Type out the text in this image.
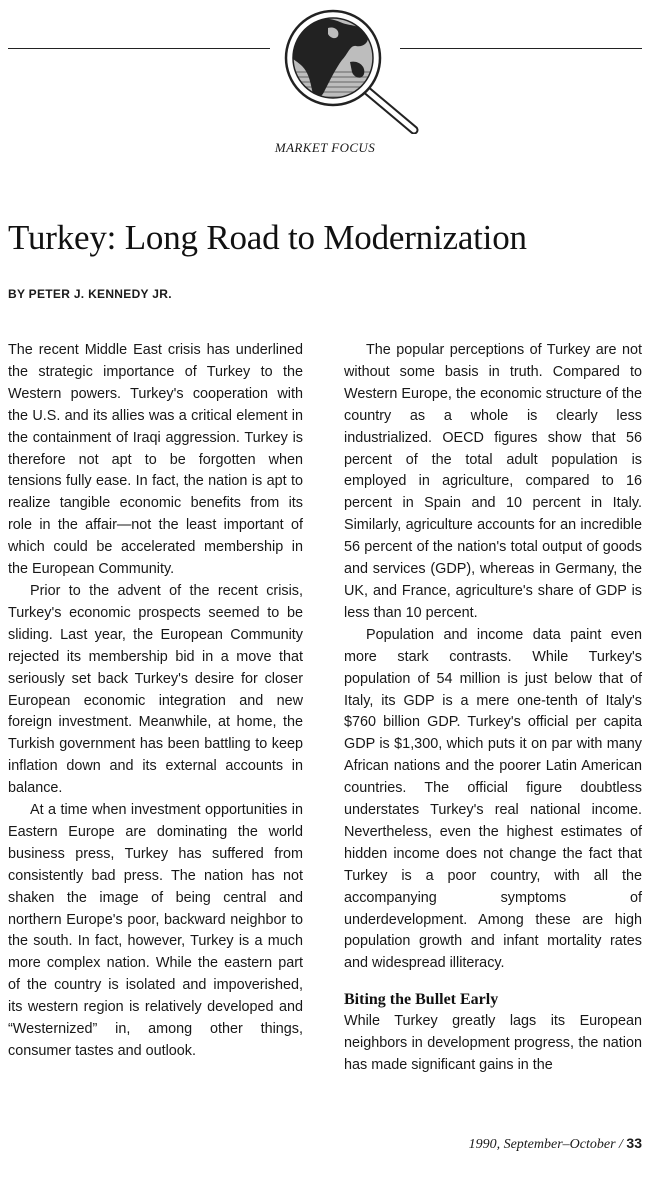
MARKET FOCUS
Turkey: Long Road to Modernization
BY PETER J. KENNEDY JR.

The recent Middle East crisis has underlined the strategic importance of Turkey to the Western powers. Turkey's cooperation with the U.S. and its allies was a critical element in the containment of Iraqi aggression. Turkey is therefore not apt to be forgotten when tensions fully ease. In fact, the nation is apt to realize tangible economic benefits from its role in the affair—not the least important of which could be accelerated membership in the European Community.

Prior to the advent of the recent crisis, Turkey's economic prospects seemed to be sliding. Last year, the European Community rejected its membership bid in a move that seriously set back Turkey's desire for closer European economic integration and new foreign investment. Meanwhile, at home, the Turkish government has been battling to keep inflation down and its external accounts in balance.

At a time when investment opportunities in Eastern Europe are dominating the world business press, Turkey has suffered from consistently bad press. The nation has not shaken the image of being central and northern Europe's poor, backward neighbor to the south. In fact, however, Turkey is a much more complex nation. While the eastern part of the country is isolated and impoverished, its western region is relatively developed and “Westernized” in, among other things, consumer tastes and outlook.

The popular perceptions of Turkey are not without some basis in truth. Compared to Western Europe, the economic structure of the country as a whole is clearly less industrialized. OECD figures show that 56 percent of the total adult population is employed in agriculture, compared to 16 percent in Spain and 10 percent in Italy. Similarly, agriculture accounts for an incredible 56 percent of the nation's total output of goods and services (GDP), whereas in Germany, the UK, and France, agriculture's share of GDP is less than 10 percent.

Population and income data paint even more stark contrasts. While Turkey's population of 54 million is just below that of Italy, its GDP is a mere one-tenth of Italy's $760 billion GDP. Turkey's official per capita GDP is $1,300, which puts it on par with many African nations and the poorer Latin American countries. The official figure doubtless understates Turkey's real national income. Nevertheless, even the highest estimates of hidden income does not change the fact that Turkey is a poor country, with all the accompanying symptoms of underdevelopment. Among these are high population growth and infant mortality rates and widespread illiteracy.

Biting the Bullet Early

While Turkey greatly lags its European neighbors in development progress, the nation has made significant gains in the

1990, September–October / 33
